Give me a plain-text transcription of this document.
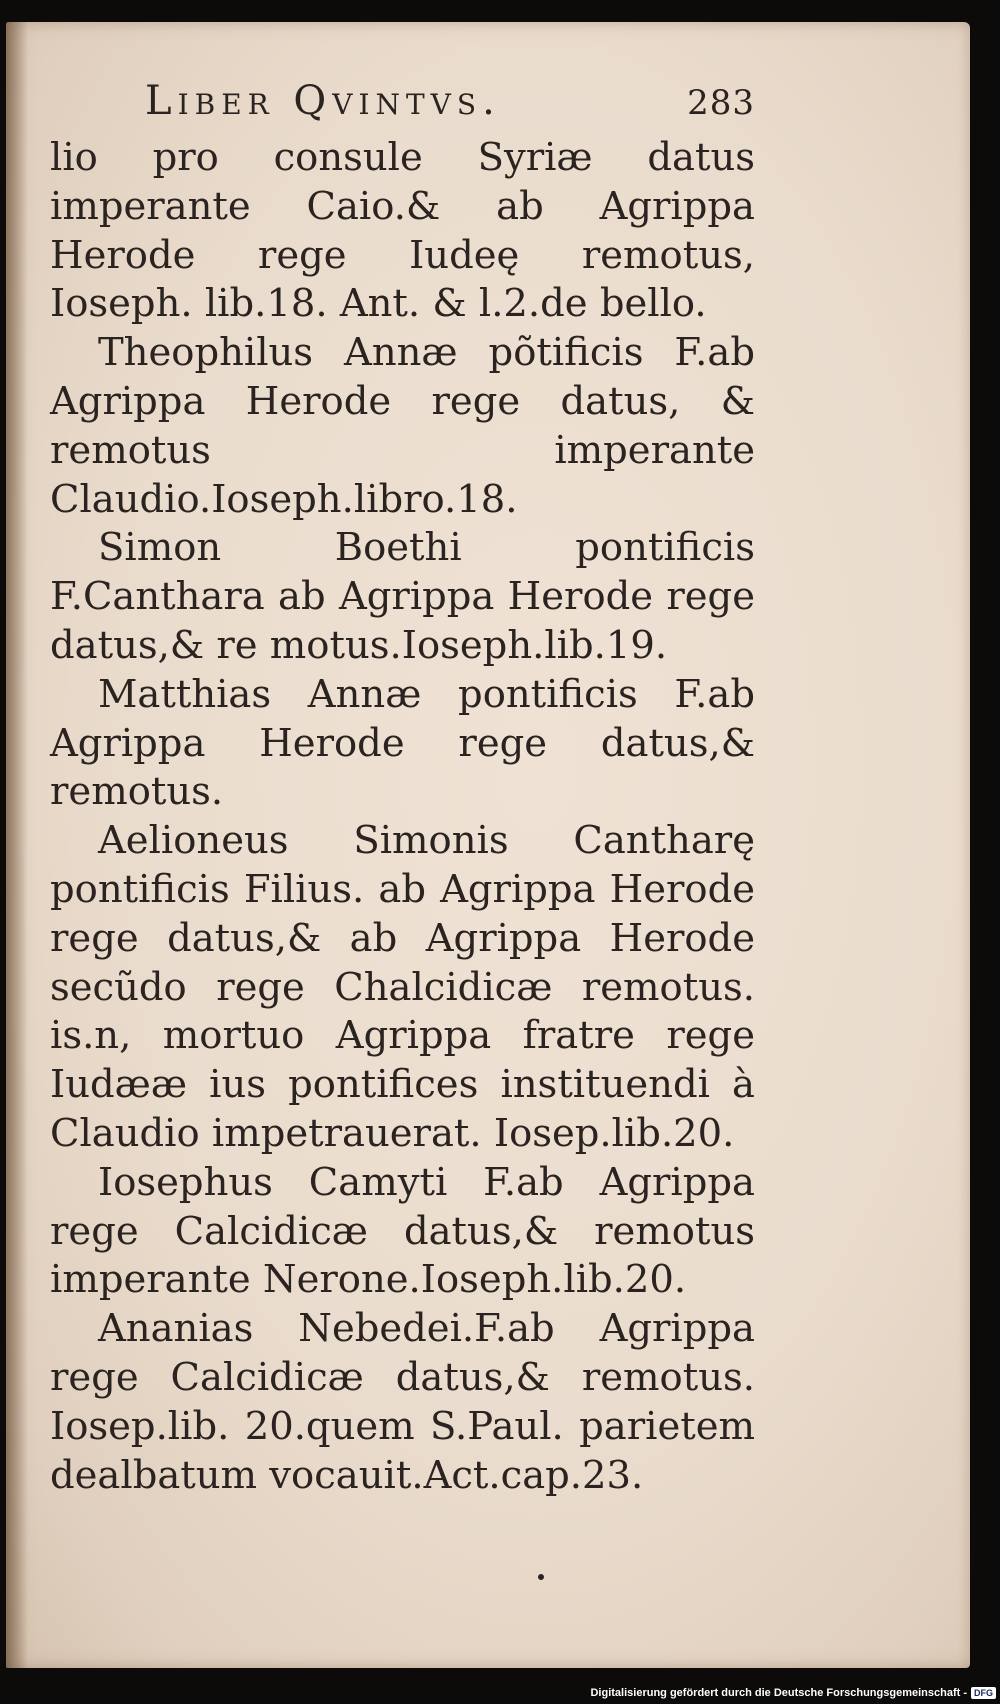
Liber Qvintvs.	283

lio pro consule Syriæ datus imperante Caio.& ab Agrippa Herode rege Iudeę remotus, Ioseph. lib.18. Ant. & l.2.de bello.

Theophilus Annæ põtificis F.ab Agrippa Herode rege datus, & remotus imperante Claudio.Ioseph.libro.18.

Simon Boethi pontificis F.Canthara ab Agrippa Herode rege datus,& re motus.Ioseph.lib.19.

Matthias Annæ pontificis F.ab Agrippa Herode rege datus,& remotus.

Aelioneus Simonis Cantharę pontificis Filius. ab Agrippa Herode rege datus,& ab Agrippa Herode secũdo rege Chalcidicæ remotus. is.n, mortuo Agrippa fratre rege Iudææ ius pontifices instituendi à Claudio impetrauerat. Iosep.lib.20.

Iosephus Camyti F.ab Agrippa rege Calcidicæ datus,& remotus imperante Nerone.Ioseph.lib.20.

Ananias Nebedei.F.ab Agrippa rege Calcidicæ datus,& remotus. Iosep.lib. 20.quem S.Paul. parietem dealbatum vocauit.Act.cap.23.

Digitalisierung gefördert durch die Deutsche Forschungsgemeinschaft - DFG
